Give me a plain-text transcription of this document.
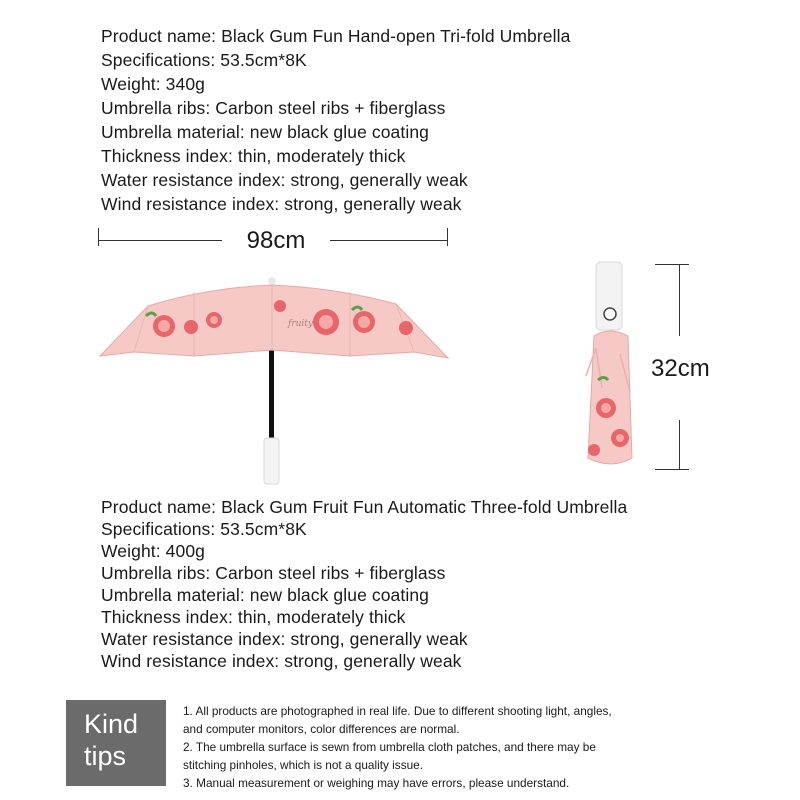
Product name: Black Gum Fun Hand-open Tri-fold Umbrella
Specifications: 53.5cm*8K
Weight: 340g
Umbrella ribs: Carbon steel ribs + fiberglass
Umbrella material: new black glue coating
Thickness index: thin, moderately thick
Water resistance index: strong, generally weak
Wind resistance index: strong, generally weak
98cm
fruity
32cm
Product name: Black Gum Fruit Fun Automatic Three-fold Umbrella
Specifications: 53.5cm*8K
Weight: 400g
Umbrella ribs: Carbon steel ribs + fiberglass
Umbrella material: new black glue coating
Thickness index: thin, moderately thick
Water resistance index: strong, generally weak
Wind resistance index: strong, generally weak
Kind
tips
1. All products are photographed in real life. Due to different shooting light, angles,
and computer monitors, color differences are normal.
2. The umbrella surface is sewn from umbrella cloth patches, and there may be
stitching pinholes, which is not a quality issue.
3. Manual measurement or weighing may have errors, please understand.
